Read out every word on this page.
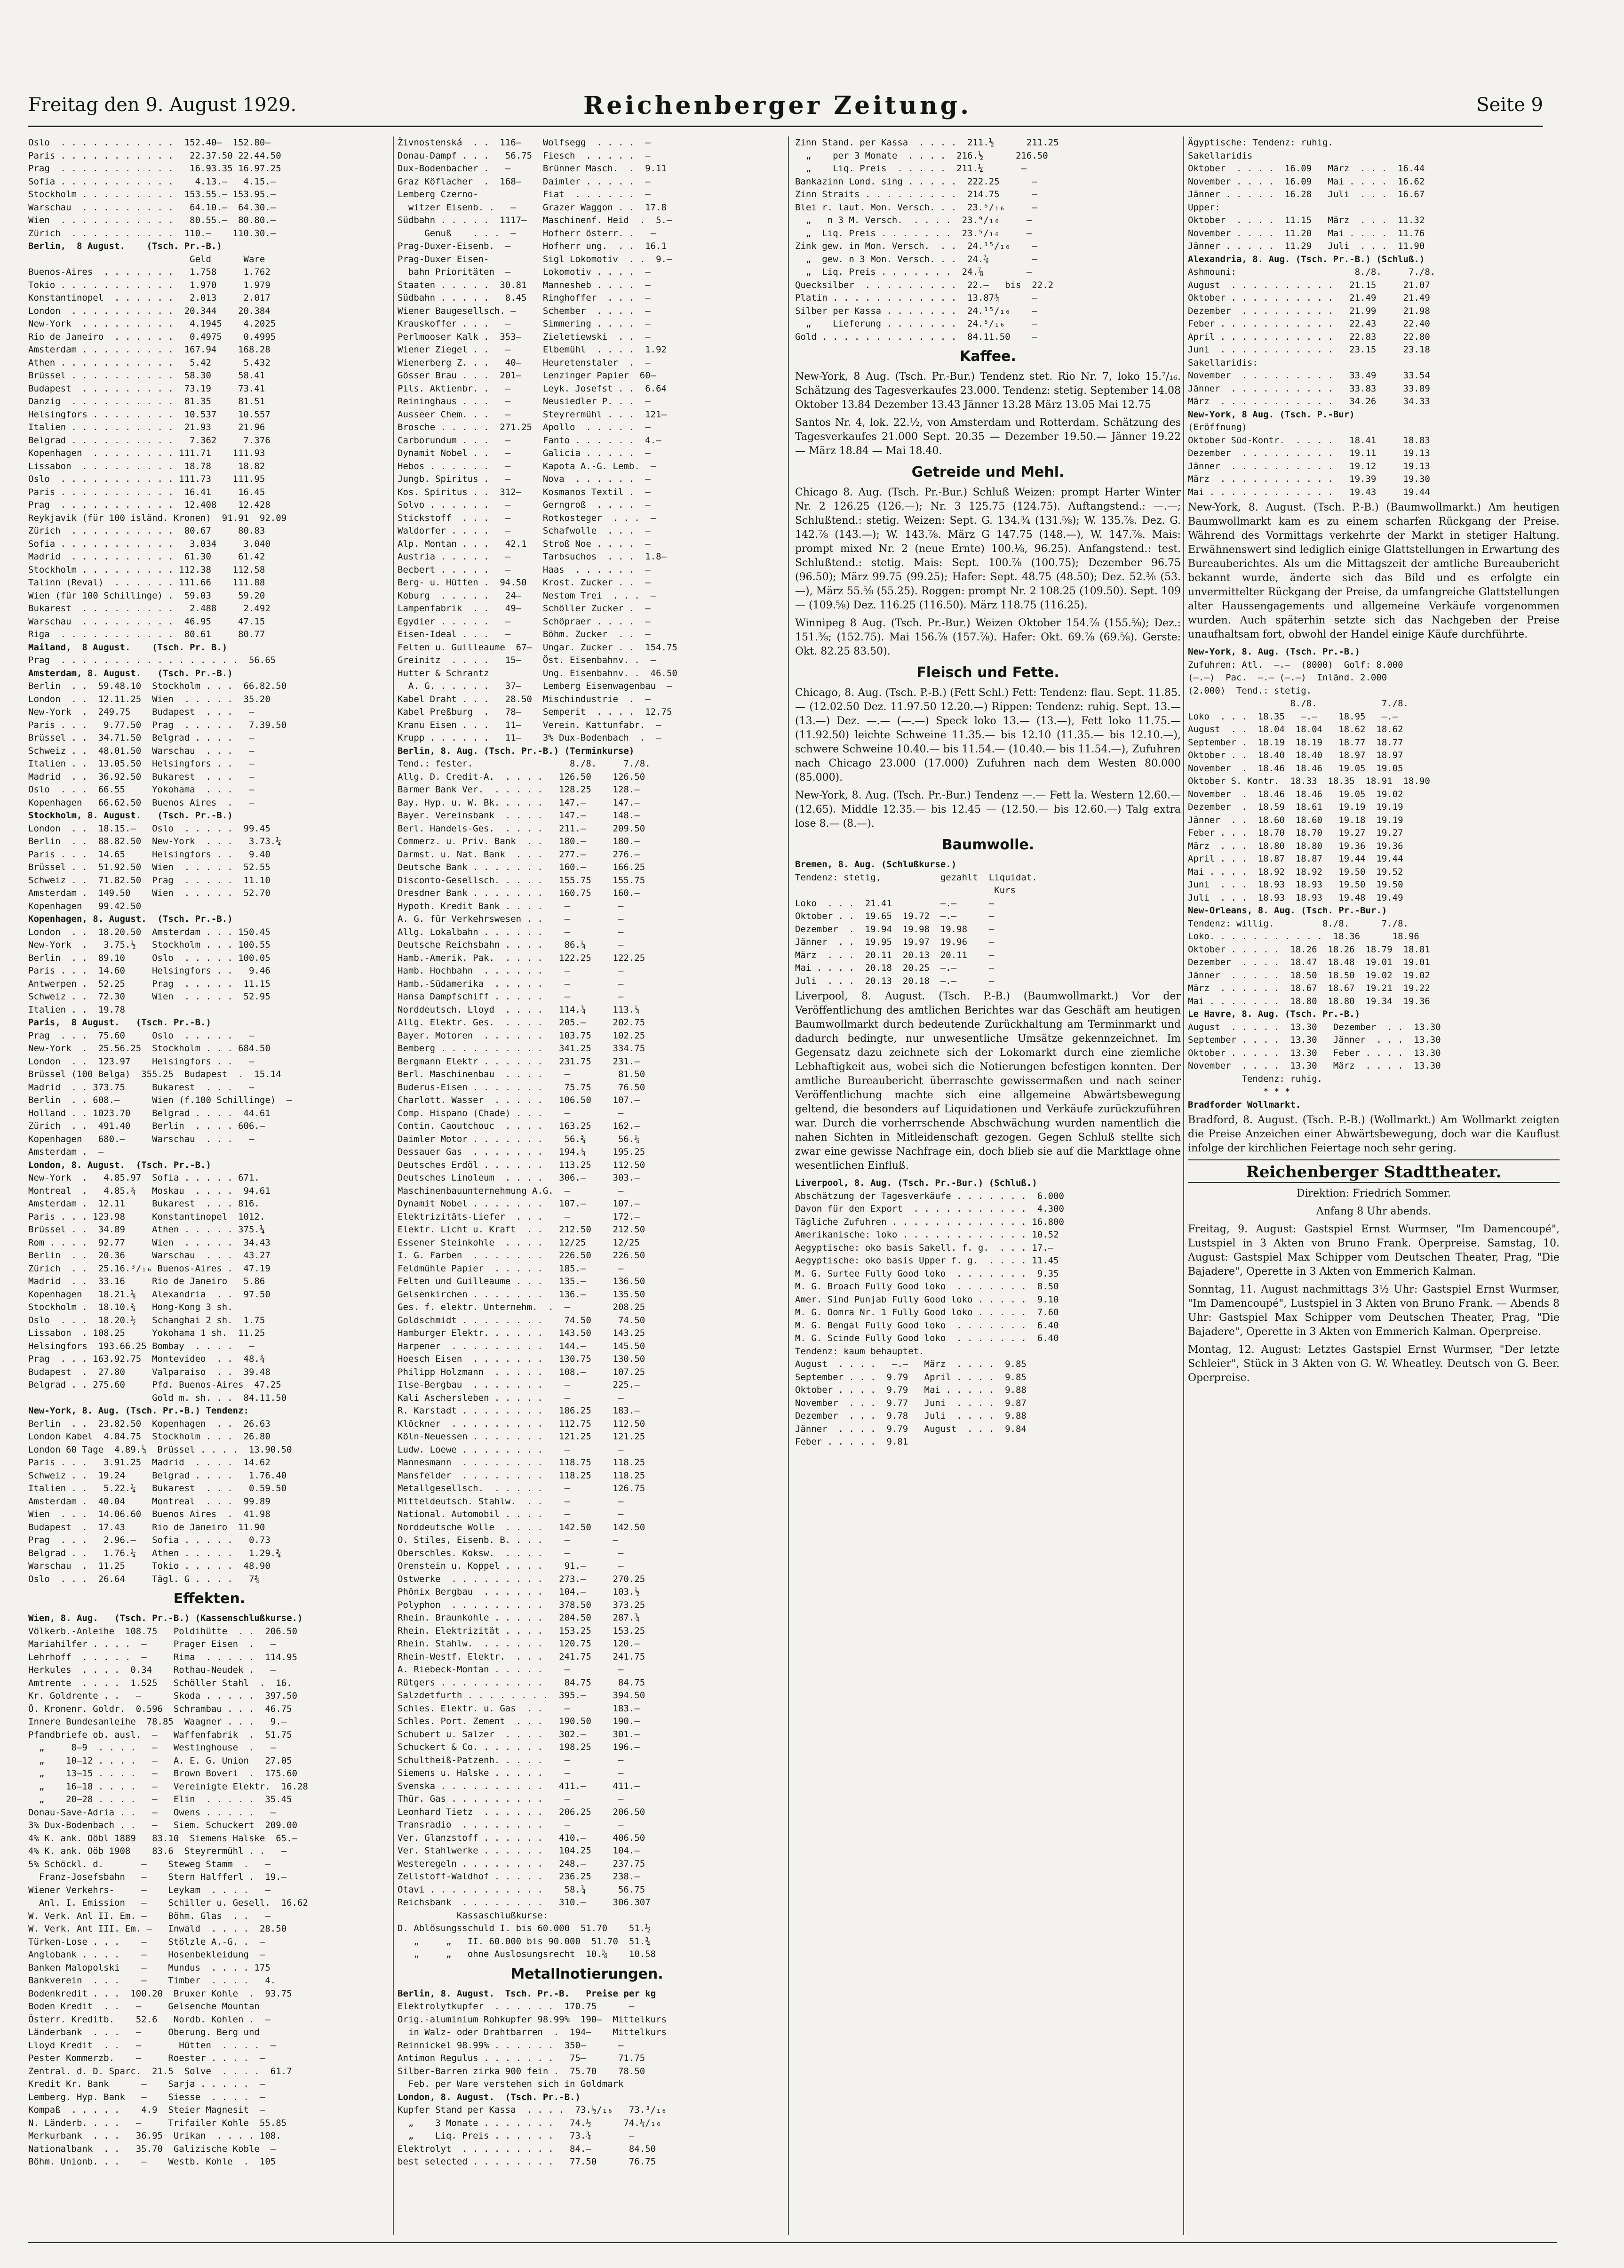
Freitag den 9. August 1929.	Reichenberger Zeitung.	Seite 9
Oslo  . . . . . . . . . . .  152.40—  152.80—
Paris . . . . . . . . . . .   22.37.50 22.44.50
Prag  . . . . . . . . . . .   16.93.35 16.97.25
Sofia . . . . . . . . . . .    4.13.—   4.15.—
Stockholm . . . . . . . . .  153.55.— 153.95.—
Warschau  . . . . . . . . .   64.10.—  64.30.—
Wien  . . . . . . . . . . .   80.55.—  80.80.—
Zürich  . . . . . . . . . .  110.—    110.30.—
Berlin,  8 August.    (Tsch. Pr.-B.)
Geld      Ware
Buenos-Aires  . . . . . . .   1.758     1.762
Tokio . . . . . . . . . . .   1.970     1.979
Konstantinopel  . . . . . .   2.013     2.017
London  . . . . . . . . . .  20.344    20.384
New-York  . . . . . . . . .   4.1945    4.2025
Rio de Janeiro  . . . . . .   0.4975    0.4995
Amsterdam . . . . . . . . .  167.94    168.28
Athen . . . . . . . . . . .   5.42      5.432
Brüssel . . . . . . . . . .  58.30     58.41
Budapest  . . . . . . . . .  73.19     73.41
Danzig  . . . . . . . . . .  81.35     81.51
Helsingfors . . . . . . . .  10.537    10.557
Italien . . . . . . . . . .  21.93     21.96
Belgrad . . . . . . . . . .   7.362     7.376
Kopenhagen  . . . . . . . . 111.71    111.93
Lissabon  . . . . . . . . .  18.78     18.82
Oslo  . . . . . . . . . . . 111.73    111.95
Paris . . . . . . . . . . .  16.41     16.45
Prag  . . . . . . . . . . .  12.408    12.428
Reykjavik (für 100 isländ. Kronen)  91.91  92.09
Zürich  . . . . . . . . . .  80.67     80.83
Sofia . . . . . . . . . . .   3.034     3.040
Madrid  . . . . . . . . . .  61.30     61.42
Stockholm . . . . . . . . . 112.38    112.58
Talinn (Reval)  . . . . . . 111.66    111.88
Wien (für 100 Schillinge) .  59.03     59.20
Bukarest  . . . . . . . . .   2.488     2.492
Warschau  . . . . . . . . .  46.95     47.15
Riga  . . . . . . . . . . .  80.61     80.77
Mailand,  8 August.    (Tsch. Pr. B.)
Prag  . . . . . . . . . . . . . . . . .  56.65
Amsterdam, 8. August.   (Tsch. Pr.-B.)
Berlin  . .  59.48.10  Stockholm . . .  66.82.50
London  . .  12.11.25  Wien  . . . . .  35.20
New-York  .  249.75    Budapest  . . .   —
Paris . . .   9.77.50  Prag  . . . . .   7.39.50
Brüssel . .  34.71.50  Belgrad . . . .   —
Schweiz . .  48.01.50  Warschau  . . .   —
Italien . .  13.05.50  Helsingfors . .   —
Madrid  . .  36.92.50  Bukarest  . . .   —
Oslo  . . .  66.55     Yokohama  . . .   —
Kopenhagen   66.62.50  Buenos Aires  .   —
Stockholm, 8. August.   (Tsch. Pr.-B.)
London  . .  18.15.—   Oslo  . . . . .  99.45
Berlin  . .  88.82.50  New-York  . . .   3.73.¼
Paris . . .  14.65     Helsingfors . .   9.40
Brüssel . .  51.92.50  Wien  . . . . .  52.55
Schweiz . .  71.82.50  Prag  . . . . .  11.10
Amsterdam .  149.50    Wien  . . . . .  52.70
Kopenhagen   99.42.50
Kopenhagen, 8. August.  (Tsch. Pr.-B.)
London  . .  18.20.50  Amsterdam . . . 150.45
New-York  .   3.75.½   Stockholm . . . 100.55
Berlin  . .  89.10     Oslo  . . . . . 100.05
Paris . . .  14.60     Helsingfors . .   9.46
Antwerpen .  52.25     Prag  . . . . .  11.15
Schweiz . .  72.30     Wien  . . . . .  52.95
Italien . .  19.78
Paris,  8 August.   (Tsch. Pr.-B.)
Prag  . . .  75.60     Oslo  . . . . .   —
New-York  .  25.56.25  Stockholm . . . 684.50
London  . .  123.97    Helsingfors . .   —
Brüssel (100 Belga)  355.25  Budapest  .  15.14
Madrid  . . 373.75     Bukarest  . . .   —
Berlin  . . 608.—      Wien (f.100 Schillinge)  —
Holland . . 1023.70    Belgrad . . . .  44.61
Zürich  . .  491.40    Berlin  . . . . 606.—
Kopenhagen   680.—     Warschau  . . .   —
Amsterdam .  —
London, 8. August.  (Tsch. Pr.-B.)
New-York  .   4.85.97  Sofia . . . . . 671.
Montreal  .   4.85.¾   Moskau  . . . .  94.61
Amsterdam .  12.11     Bukarest  . . . 816.
Paris . . . 123.98     Konstantinopel  1012.
Brüssel . .  34.89     Athen . . . . . 375.¼
Rom . . . .  92.77     Wien  . . . . .  34.43
Berlin  . .  20.36     Warschau  . . .  43.27
Zürich  . .  25.16.³/₁₆ Buenos-Aires .  47.19
Madrid  . .  33.16     Rio de Janeiro   5.86
Kopenhagen   18.21.⅛   Alexandria  . .  97.50
Stockholm .  18.10.¾   Hong-Kong 3 sh.
Oslo  . . .  18.20.½   Schanghai 2 sh.  1.75
Lissabon  . 108.25     Yokohama 1 sh.  11.25
Helsingfors  193.66.25 Bombay  . . . .   —
Prag  . . . 163.92.75  Montevideo  . .  48.¾
Budapest  .  27.80     Valparaiso  . .  39.48
Belgrad . . 275.60     Pfd. Buenos-Aires  47.25
Gold m. sh. . .  84.11.50
New-York, 8. Aug. (Tsch. Pr.-B.) Tendenz:
Berlin  . .  23.82.50  Kopenhagen  . .  26.63
London Kabel  4.84.75  Stockholm . . .  26.80
London 60 Tage  4.89.¼  Brüssel . . . .  13.90.50
Paris . . .   3.91.25  Madrid  . . . .  14.62
Schweiz . .  19.24     Belgrad . . . .   1.76.40
Italien . .   5.22.¼   Bukarest  . . .   0.59.50
Amsterdam .  40.04     Montreal  . . .  99.89
Wien  . . .  14.06.60  Buenos Aires  .  41.98
Budapest  .  17.43     Rio de Janeiro  11.90
Prag  . . .   2.96.—   Sofia . . . . .   0.73
Belgrad . .   1.76.¼   Athen . . . . .   1.29.¾
Warschau  .  11.25     Tokio . . . . .  48.90
Oslo  . . .  26.64     Tägl. G . . . .   7¾
Effekten.
Wien, 8. Aug.   (Tsch. Pr.-B.) (Kassenschlußkurse.)
Völkerb.-Anleihe  108.75   Poldihütte  . .  206.50
Mariahilfer . . . .  —     Prager Eisen  .   —
Lehrhoff  . . . . .  —     Rima  . . . . .  114.95
Herkules  . . . .  0.34    Rothau-Neudek .   —
Amtrente  . . . .  1.525   Schöller Stahl  .  16.
Kr. Goldrente . .   —      Skoda . . . . .  397.50
Ö. Kronenr. Goldr.  0.596  Schrambau . . .  46.75
Innere Bundesanleihe  78.85  Waagner . . .   9.—
Pfandbriefe ob. ausl.  —   Waffenfabrik  .  51.75
„     8—9  . . . .   —   Westinghouse  .   —
„    10—12 . . . .   —   A. E. G. Union   27.05
„    13—15 . . . .   —   Brown Boveri  .  175.60
„    16—18 . . . .   —   Vereinigte Elektr.  16.28
„    20—28 . . . .   —   Elin  . . . . .  35.45
Donau-Save-Adria . .   —   Owens . . . . .   —
3% Dux-Bodenbach . .   —   Siem. Schuckert  209.00
4% K. ank. Oöbl 1889   83.10  Siemens Halske  65.—
4% K. ank. Oöb 1908    83.6  Steyrermühl . .   —
5% Schöckl. d.       —    Steweg Stamm  .   —
Franz-Josefsbahn   —    Stern Halfferl .  19.—
Wiener Verkehrs-     —    Leykam  . . . .   —
Anl. I. Emission   —    Schiller u. Gesell.  16.62
W. Verk. Anl II. Em. —    Böhm. Glas  . .   —
W. Verk. Ant III. Em. —   Inwald  . . . .  28.50
Türken-Lose . . .    —    Stölzle A.-G. .  —
Anglobank . . . .    —    Hosenbekleidung  —
Banken Malopolski    —    Mundus  . . . . 175
Bankverein  . . .    —    Timber  . . . .   4.
Bodenkredit . . .  100.20  Bruxer Kohle  .  93.75
Boden Kredit  . .   —     Gelsenche Mountan
Österr. Kreditb.    52.6   Nordb. Kohlen .  —
Länderbank  . . .   —     Oberung. Berg und
Lloyd Kredit  . .   —       Hütten  . . . .  —
Pester Kommerzb.    —     Roester . . . .  —
Zentral. d. D. Sparc.  21.5  Solve  . . . .  61.7
Kredit Kr. Bank      —    Sarja . . . . .  —
Lemberg. Hyp. Bank   —    Siesse  . . . .  —
Kompaß  . . . . .    4.9  Steier Magnesit  —
N. Länderb. . . .   —     Trifailer Kohle  55.85
Merkurbank  . . .   36.95  Urikan  . . . . 108.
Nationalbank  . .   35.70  Galizische Koble  —
Böhm. Unionb. . .    —    Westb. Kohle  .  105
Živnostenská  . .  116—    Wolfsegg  . . . .  —
Donau-Dampf . . .   56.75  Fiesch  . . . . .  —
Dux-Bodenbacher .   —      Brünner Masch.  .  9.11
Graz Köflacher  .  168—    Daimler . . . . .  —
Lemberg Czerno-            Fiat  . . . . . .  —
witzer Eisenb. .   —     Grazer Waggon . .  17.8
Südbahn . . . . .  1117—   Maschinenf. Heid  .  5.—
Genuß    . . .  —     Hofherr österr. .   —
Prag-Duxer-Eisenb.  —      Hofherr ung.  . .  16.1
Prag-Duxer Eisen-          Sigl Lokomotiv  . .  9.—
bahn Prioritäten  —      Lokomotiv . . . .  —
Staaten . . . . .  30.81   Mannesheb . . . .  —
Südbahn . . . . .   8.45   Ringhoffer  . . .  —
Wiener Baugesellsch. —     Schember  . . . .  —
Krauskoffer . . .   —      Simmering . . . .  —
Perlmooser Kalk .  353—    Zieletiewski  . .  —
Wiener Ziegel . .   —      Elbemühl  . . . .  1.92
Wienerberg Z. . .   40—    Heuretenstaler  .  —
Gösser Brau . . .  201—    Lenzinger Papier  60—
Pils. Aktienbr. .   —      Leyk. Josefst . .  6.64
Reininghaus . . .   —      Neusiedler P. . .  —
Ausseer Chem. . .   —      Steyrermühl . . .  121—
Brosche . . . . .  271.25  Apollo  . . . . .  —
Carborundum . . .   —      Fanto . . . . . .  4.—
Dynamit Nobel . .   —      Galicia . . . . .  —
Hebos . . . . . .   —      Kapota A.-G. Lemb.  —
Jungb. Spiritus .   —      Nova  . . . . . .  —
Kos. Spiritus . .  312—    Kosmanos Textil .  —
Solvo . . . . . .   —      Gerngroß  . . . .  —
Stickstoff  . . .   —      Rotkosteger  . . .  —
Waldorfer . . . .   —      Schafwolle  . . .  —
Alp. Montan . . .   42.1   Stroß Noe . . . .  —
Austria . . . . .   —      Tarbsuchos  . . .  1.8—
Becbert . . . . .   —      Haas  . . . . . .  —
Berg- u. Hütten .  94.50   Krost. Zucker . .  —
Koburg  . . . . .   24—    Nestom Trei  . . .  —
Lampenfabrik  . .   49—    Schöller Zucker .  —
Egydier . . . . .   —      Schöpraer . . . .  —
Eisen-Ideal . . .   —      Böhm. Zucker  . .  —
Felten u. Guilleaume  67—  Ungar. Zucker . .  154.75
Greinitz  . . . .   15—    Öst. Eisenbahnv. .  —
Hutter & Schrantz          Ung. Eisenbahnv. .  46.50
A. G. . . . . .   37—    Lemberg Eisenwagenbau  —
Kabel Draht . . .   28.50  Mischindustrie  .  —
Kabel Preßburg  .   78—    Semperit  . . . .  12.75
Kranu Eisen . . .   11—    Verein. Kattunfabr.  —
Krupp . . . . . .   11—    3% Dux-Bodenbach  .  —
Berlin, 8. Aug. (Tsch. Pr.-B.) (Terminkurse)
Tend.: fester.                  8./8.     7./8.
Allg. D. Credit-A.  . . . .   126.50    126.50
Barmer Bank Ver.  . . . . .   128.25    128.—
Bay. Hyp. u. W. Bk. . . . .   147.—     147.—
Bayer. Vereinsbank  . . . .   147.—     148.—
Berl. Handels-Ges.  . . . .   211.—     209.50
Commerz. u. Priv. Bank  . .   180.—     180.—
Darmst. u. Nat. Bank  . . .   277.—     276.—
Deutsche Bank . . . . . . .   160.—     166.25
Disconto-Gesellsch. . . . .   155.75    155.75
Dresdner Bank . . . . . . .   160.75    160.—
Hypoth. Kredit Bank . . . .    —         —
A. G. für Verkehrswesen . .    —         —
Allg. Lokalbahn . . . . . .    —         —
Deutsche Reichsbahn . . . .    86.¼      —
Hamb.-Amerik. Pak.  . . . .   122.25    122.25
Hamb. Hochbahn  . . . . . .    —         —
Hamb.-Südamerika  . . . . .    —         —
Hansa Dampfschiff . . . . .    —         —
Norddeutsch. Lloyd  . . . .   114.¾     113.¼
Allg. Elektr. Ges.  . . . .   205.—     202.75
Bayer. Motoren  . . . . . .   103.75    102.25
Bemberg . . . . . . . . . .   341.25    334.75
Bergmann Elektr . . . . . .   231.75    231.—
Berl. Maschinenbau  . . . .    —         81.50
Buderus-Eisen . . . . . . .    75.75     76.50
Charlott. Wasser  . . . . .   106.50    107.—
Comp. Hispano (Chade) . . .    —         —
Contin. Caoutchouc  . . . .   163.25    162.—
Daimler Motor . . . . . . .    56.¾      56.¼
Dessauer Gas  . . . . . . .   194.¼     195.25
Deutsches Erdöl . . . . . .   113.25    112.50
Deutsches Linoleum  . . . .   306.—     303.—
Maschinenbauunternehmung A.G.  —         —
Dynamit Nobel . . . . . . .   107.—     107.—
Elektrizitäts-Liefer  . . .    —        172.—
Elektr. Licht u. Kraft  . .   212.50    212.50
Essener Steinkohle  . . . .   12/25     12/25
I. G. Farben  . . . . . . .   226.50    226.50
Feldmühle Papier  . . . . .   185.—      —
Felten und Guilleaume . . .   135.—     136.50
Gelsenkirchen . . . . . . .   136.—     135.50
Ges. f. elektr. Unternehm.  .  —        208.25
Goldschmidt . . . . . . . .    74.50     74.50
Hamburger Elektr. . . . . .   143.50    143.25
Harpener  . . . . . . . . .   144.—     145.50
Hoesch Eisen  . . . . . . .   130.75    130.50
Philipp Holzmann  . . . . .   108.—     107.25
Ilse-Bergbau  . . . . . . .    —        225.—
Kali Aschersleben . . . . .    —         —
R. Karstadt . . . . . . . .   186.25    183.—
Klöckner  . . . . . . . . .   112.75    112.50
Köln-Neuessen . . . . . . .   121.25    121.25
Ludw. Loewe . . . . . . . .    —         —
Mannesmann  . . . . . . . .   118.75    118.25
Mansfelder  . . . . . . . .   118.25    118.25
Metallgesellsch.  . . . . .    —        126.75
Mitteldeutsch. Stahlw.  . .    —         —
National. Automobil . . . .    —         —
Norddeutsche Wolle  . . . .   142.50    142.50
O. Stiles, Eisenb. B. . . .    —        —
Oberschles. Koksw.  . . . .    —         —
Orenstein u. Koppel . . . .    91.—      —
Ostwerke  . . . . . . . . .   273.—     270.25
Phönix Bergbau  . . . . . .   104.—     103.½
Polyphon  . . . . . . . . .   378.50    373.25
Rhein. Braunkohle . . . . .   284.50    287.¾
Rhein. Elektrizität . . . .   153.25    153.25
Rhein. Stahlw.  . . . . . .   120.75    120.—
Rhein-Westf. Elektr.  . . .   241.75    241.75
A. Riebeck-Montan . . . . .    —         —
Rütgers . . . . . . . . . .    84.75     84.75
Salzdetfurth . . . . . . . .  395.—     394.50
Schles. Elektr. u. Gas  . .    —        183.—
Schles. Port. Zement  . . .   190.50    190.—
Schubert u. Salzer  . . . .   302.—     301.—
Schuckert & Co. . . . . . .   198.25    196.—
Schultheiß-Patzenh. . . . .    —         —
Siemens u. Halske . . . . .    —         —
Svenska . . . . . . . . . .   411.—     411.—
Thür. Gas . . . . . . . . .    —         —
Leonhard Tietz  . . . . . .   206.25    206.50
Transradio  . . . . . . . .    —         —
Ver. Glanzstoff . . . . . .   410.—     406.50
Ver. Stahlwerke . . . . . .   104.25    104.—
Westeregeln . . . . . . . .   248.—     237.75
Zellstoff-Waldhof . . . . .   236.25    238.—
Otavi . . . . . . . . . . .    58.¾      56.75
Reichsbank  . . . . . . . .   310.—     306.307
Kassaschlußkurse:
D. Ablösungsschuld I. bis 60.000  51.70    51.½
„     „   II. 60.000 bis 90.000  51.70  51.¾
„     „   ohne Auslosungsrecht  10.⅝    10.58
Metallnotierungen.
Berlin, 8. August.  Tsch. Pr.-B.   Preise per kg
Elektrolytkupfer  . . . . . .  170.75      —
Orig.-aluminium Rohkupfer 98.99%  190—  Mittelkurs
in Walz- oder Drahtbarren  .  194—    Mittelkurs
Reinnickel 98.99% . . . . . .  350—      —
Antimon Regulus . . . . . . .   75—      71.75
Silber-Barren zirka 900 fein .  75.70    78.50
Feb. per Ware verstehen sich in Goldmark
London, 8. August.  (Tsch. Pr.-B.)
Kupfer Stand per Kassa  . . . .  73.½/₁₆   73.³/₁₆
„    3 Monate . . . . . . .   74.½      74.¼/₁₆
„    Liq. Preis . . . . . .   73.¾       —
Elektrolyt  . . . . . . . . .   84.—       84.50
best selected . . . . . . . .   77.50      76.75
Zinn Stand. per Kassa  . . . .  211.½      211.25
„    per 3 Monate  . . . .  216.½      216.50
„    Liq. Preis  . . . . .  211.¼       —
Bankazinn Lond. sing . . . . .  222.25      —
Zinn Straits . . . . . . . . .  214.75      —
Blei r. laut. Mon. Versch. . .  23.⁵/₁₆     —
„   n 3 M. Versch.  . . . .  23.⁹/₁₆     —
„  Liq. Preis . . . . . . .  23.⁵/₁₆     —
Zink gew. in Mon. Versch.  . .  24.¹⁵/₁₆    —
„  gew. n 3 Mon. Versch. . .  24.⅞        —
„  Liq. Preis . . . . . . .  24.⅞        —
Quecksilber  . . . . . . . . .  22.—   bis  22.2
Platin . . . . . . . . . . . .  13.87¾      —
Silber per Kassa . . . . . . .  24.¹⁵/₁₆    —
„    Lieferung . . . . . . .  24.⁵/₁₆     —
Gold . . . . . . . . . . . . .  84.11.50    —
Kaffee.
New-York, 8 Aug. (Tsch. Pr.-Bur.) Tendenz stet. Rio Nr. 7, loko 15.⁷/₁₆. Schätzung des Tagesverkaufes 23.000. Tendenz: stetig. September 14.08 Oktober 13.84 Dezember 13.43 Jänner 13.28 März 13.05 Mai 12.75
Santos Nr. 4, lok. 22.½, von Amsterdam und Rotterdam. Schätzung des Tagesverkaufes 21.000 Sept. 20.35 — Dezember 19.50.— Jänner 19.22 — März 18.84 — Mai 18.40.
Getreide und Mehl.
Chicago 8. Aug. (Tsch. Pr.-Bur.) Schluß Weizen: prompt Harter Winter Nr. 2 126.25 (126.—); Nr. 3 125.75 (124.75). Auftangstend.: —.—; Schlußtend.: stetig. Weizen: Sept. G. 134.¾ (131.⅝); W. 135.⅞. Dez. G. 142.⅞ (143.—); W. 143.⅞. März G 147.75 (148.—), W. 147.⅞. Mais: prompt mixed Nr. 2 (neue Ernte) 100.⅛, 96.25). Anfangstend.: test. Schlußtend.: stetig. Mais: Sept. 100.⅞ (100.75); Dezember 96.75 (96.50); März 99.75 (99.25); Hafer: Sept. 48.75 (48.50); Dez. 52.⅜ (53.—), März 55.⅝ (55.25). Roggen: prompt Nr. 2 108.25 (109.50). Sept. 109 — (109.⅝) Dez. 116.25 (116.50). März 118.75 (116.25).
Winnipeg 8 Aug. (Tsch. Pr.-Bur.) Weizen Oktober 154.⅞ (155.⅝); Dez.: 151.⅜; (152.75). Mai 156.⅞ (157.⅞). Hafer: Okt. 69.⅞ (69.⅝). Gerste: Okt. 82.25 83.50).
Fleisch und Fette.
Chicago, 8. Aug. (Tsch. P.-B.) (Fett Schl.) Fett: Tendenz: flau. Sept. 11.85.— (12.02.50 Dez. 11.97.50 12.20.—) Rippen: Tendenz: ruhig. Sept. 13.— (13.—) Dez. —.— (—.—) Speck loko 13.— (13.—), Fett loko 11.75.— (11.92.50) leichte Schweine 11.35.— bis 12.10 (11.35.— bis 12.10.—), schwere Schweine 10.40.— bis 11.54.— (10.40.— bis 11.54.—), Zufuhren nach Chicago 23.000 (17.000) Zufuhren nach dem Westen 80.000 (85.000).
New-York, 8. Aug. (Tsch. Pr.-Bur.) Tendenz —.— Fett la. Western 12.60.— (12.65). Middle 12.35.— bis 12.45 — (12.50.— bis 12.60.—) Talg extra lose 8.— (8.—).
Baumwolle.
Bremen, 8. Aug. (Schlußkurse.)
Tendenz: stetig,           gezahlt  Liquidat.
Kurs
Loko  . . .  21.41         —.—      —
Oktober . .  19.65  19.72  —.—      —
Dezember  .  19.94  19.98  19.98    —
Jänner  . .  19.95  19.97  19.96    —
März  . . .  20.11  20.13  20.11    —
Mai . . . .  20.18  20.25  —.—      —
Juli  . . .  20.13  20.18  —.—      —
Liverpool, 8. August. (Tsch. P.-B.) (Baumwollmarkt.) Vor der Veröffentlichung des amtlichen Berichtes war das Geschäft am heutigen Baumwollmarkt durch bedeutende Zurückhaltung am Terminmarkt und dadurch bedingte, nur unwesentliche Umsätze gekennzeichnet. Im Gegensatz dazu zeichnete sich der Lokomarkt durch eine ziemliche Lebhaftigkeit aus, wobei sich die Notierungen befestigen konnten. Der amtliche Bureaubericht überraschte gewissermaßen und nach seiner Veröffentlichung machte sich eine allgemeine Abwärtsbewegung geltend, die besonders auf Liquidationen und Verkäufe zurückzuführen war. Durch die vorherrschende Abschwächung wurden namentlich die nahen Sichten in Mitleidenschaft gezogen. Gegen Schluß stellte sich zwar eine gewisse Nachfrage ein, doch blieb sie auf die Marktlage ohne wesentlichen Einfluß.
Liverpool, 8. Aug. (Tsch. Pr.-Bur.) (Schluß.)
Abschätzung der Tagesverkäufe . . . . . . .  6.000
Davon für den Export  . . . . . . . . . . .  4.300
Tägliche Zufuhren . . . . . . . . . . . . . 16.800
Amerikanische: loko . . . . . . . . . . . . 10.52
Aegyptische: oko basis Sakell. f. g.  . . . 17.—
Aegyptische: oko basis Upper f. g.  . . . . 11.45
M. G. Surtee Fully Good loko  . . . . . . .  9.35
M. G. Broach Fully Good loko  . . . . . . .  8.50
Amer. Sind Punjab Fully Good loko . . . . .  9.10
M. G. Oomra Nr. 1 Fully Good loko . . . . .  7.60
M. G. Bengal Fully Good loko  . . . . . . .  6.40
M. G. Scinde Fully Good loko  . . . . . . .  6.40
Tendenz: kaum behauptet.
August  . . . .   —.—   März  . . . .  9.85
September . . .  9.79   April . . . .  9.85
Oktober . . . .  9.79   Mai . . . . .  9.88
November  . . .  9.77   Juni  . . . .  9.87
Dezember  . . .  9.78   Juli  . . . .  9.88
Jänner  . . . .  9.79   August  . . .  9.84
Feber . . . . .  9.81
Ägyptische: Tendenz: ruhig.
Sakellaridis
Oktober  . . . .  16.09   März  . . .  16.44
November . . . .  16.09   Mai . . . .  16.62
Jänner . . . . .  16.28   Juli  . . .  16.67
Upper:
Oktober  . . . .  11.15   März  . . .  11.32
November . . . .  11.20   Mai . . . .  11.76
Jänner . . . . .  11.29   Juli  . . .  11.90
Alexandria, 8. Aug. (Tsch. Pr.-B.) (Schluß.)
Ashmouni:                      8./8.     7./8.
August  . . . . . . . . . .   21.15     21.07
Oktober . . . . . . . . . .   21.49     21.49
Dezember  . . . . . . . . .   21.99     21.98
Feber . . . . . . . . . . .   22.43     22.40
April . . . . . . . . . . .   22.83     22.80
Juni  . . . . . . . . . . .   23.15     23.18
Sakellaridis:
November  . . . . . . . . .   33.49     33.54
Jänner  . . . . . . . . . .   33.83     33.89
März  . . . . . . . . . . .   34.26     34.33
New-York, 8 Aug. (Tsch. P.-Bur)
(Eröffnung)
Oktober Süd-Kontr.  . . . .   18.41     18.83
Dezember  . . . . . . . . .   19.11     19.13
Jänner  . . . . . . . . . .   19.12     19.13
März  . . . . . . . . . . .   19.39     19.30
Mai . . . . . . . . . . . .   19.43     19.44
New-York, 8. August. (Tsch. P.-B.) (Baumwollmarkt.) Am heutigen Baumwollmarkt kam es zu einem scharfen Rückgang der Preise. Während des Vormittags verkehrte der Markt in stetiger Haltung. Erwähnenswert sind lediglich einige Glattstellungen in Erwartung des Bureauberichtes. Als um die Mittagszeit der amtliche Bureaubericht bekannt wurde, änderte sich das Bild und es erfolgte ein unvermittelter Rückgang der Preise, da umfangreiche Glattstellungen alter Haussengagements und allgemeine Verkäufe vorgenommen wurden. Auch späterhin setzte sich das Nachgeben der Preise unaufhaltsam fort, obwohl der Handel einige Käufe durchführte.
New-York, 8. Aug. (Tsch. Pr.-B.)
Zufuhren: Atl.  —.—  (8000)  Golf: 8.000
(—.—)  Pac.  —.— (—.—)  Inländ. 2.000
(2.000)  Tend.: stetig.
8./8.            7./8.
Loko  . . .  18.35   —.—    18.95   —.—
August  . .  18.04  18.04   18.62  18.62
September .  18.19  18.19   18.77  18.77
Oktober . .  18.40  18.40   18.97  18.97
November  .  18.46  18.46   19.05  19.05
Oktober S. Kontr.  18.33  18.35  18.91  18.90
November  .  18.46  18.46   19.05  19.02
Dezember  .  18.59  18.61   19.19  19.19
Jänner  . .  18.60  18.60   19.18  19.19
Feber . . .  18.70  18.70   19.27  19.27
März  . . .  18.80  18.80   19.36  19.36
April . . .  18.87  18.87   19.44  19.44
Mai . . . .  18.92  18.92   19.50  19.52
Juni  . . .  18.93  18.93   19.50  19.50
Juli  . . .  18.93  18.93   19.48  19.49
New-Orleans, 8. Aug. (Tsch. Pr.-Bur.)
Tendenz: willig.         8./8.      7./8.
Loko. . . . . . . . . . .  18.36      18.96
Oktober . . . . .  18.26  18.26  18.79  18.81
Dezember  . . . .  18.47  18.48  19.01  19.01
Jänner  . . . . .  18.50  18.50  19.02  19.02
März  . . . . . .  18.67  18.67  19.21  19.22
Mai . . . . . . .  18.80  18.80  19.34  19.36
Le Havre, 8. Aug. (Tsch. Pr.-B.)
August  . . . . .  13.30   Dezember  . .  13.30
September . . . .  13.30   Jänner  . . .  13.30
Oktober . . . . .  13.30   Feber . . . .  13.30
November  . . . .  13.30   März  . . . .  13.30
Tendenz: ruhig.
* * *
Bradforder Wollmarkt.
Bradford, 8. August. (Tsch. P.-B.) (Wollmarkt.) Am Wollmarkt zeigten die Preise Anzeichen einer Abwärtsbewegung, doch war die Kauflust infolge der kirchlichen Feiertage noch sehr gering.
Reichenberger Stadttheater.
Direktion: Friedrich Sommer.
Anfang 8 Uhr abends.
Freitag, 9. August: Gastspiel Ernst Wurmser, "Im Damencoupé", Lustspiel in 3 Akten von Bruno Frank. Operpreise. Samstag, 10. August: Gastspiel Max Schipper vom Deutschen Theater, Prag, "Die Bajadere", Operette in 3 Akten von Emmerich Kalman.
Sonntag, 11. August nachmittags 3½ Uhr: Gastspiel Ernst Wurmser, "Im Damencoupé", Lustspiel in 3 Akten von Bruno Frank. — Abends 8 Uhr: Gastspiel Max Schipper vom Deutschen Theater, Prag, "Die Bajadere", Operette in 3 Akten von Emmerich Kalman. Operpreise.
Montag, 12. August: Letztes Gastspiel Ernst Wurmser, "Der letzte Schleier", Stück in 3 Akten von G. W. Wheatley. Deutsch von G. Beer. Operpreise.
